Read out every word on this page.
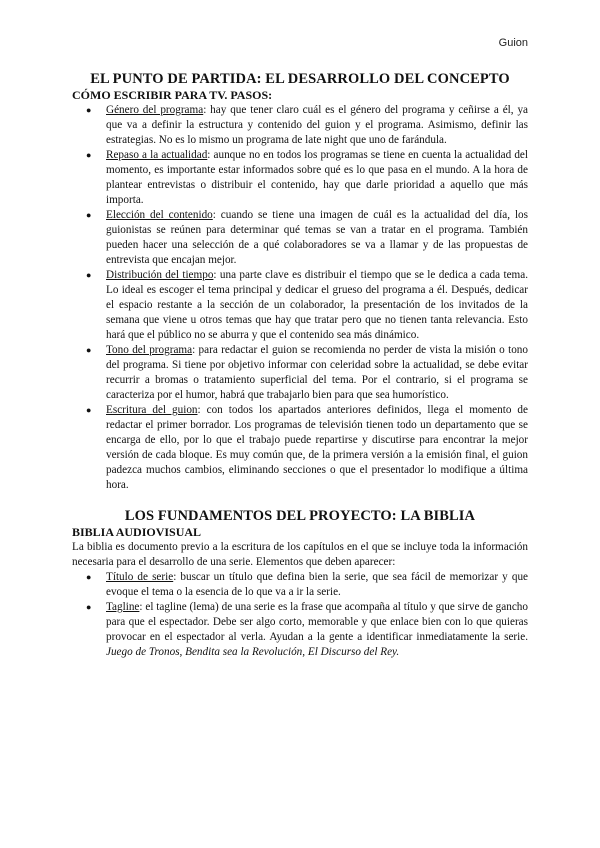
Guion
EL PUNTO DE PARTIDA: EL DESARROLLO DEL CONCEPTO
CÓMO ESCRIBIR PARA TV. PASOS:
● Género del programa: hay que tener claro cuál es el género del programa y ceñirse a él, ya que va a definir la estructura y contenido del guion y el programa. Asimismo, definir las estrategias. No es lo mismo un programa de late night que uno de farándula.
● Repaso a la actualidad: aunque no en todos los programas se tiene en cuenta la actualidad del momento, es importante estar informados sobre qué es lo que pasa en el mundo. A la hora de plantear entrevistas o distribuir el contenido, hay que darle prioridad a aquello que más importa.
● Elección del contenido: cuando se tiene una imagen de cuál es la actualidad del día, los guionistas se reúnen para determinar qué temas se van a tratar en el programa. También pueden hacer una selección de a qué colaboradores se va a llamar y de las propuestas de entrevista que encajan mejor.
● Distribución del tiempo: una parte clave es distribuir el tiempo que se le dedica a cada tema. Lo ideal es escoger el tema principal y dedicar el grueso del programa a él. Después, dedicar el espacio restante a la sección de un colaborador, la presentación de los invitados de la semana que viene u otros temas que hay que tratar pero que no tienen tanta relevancia. Esto hará que el público no se aburra y que el contenido sea más dinámico.
● Tono del programa: para redactar el guion se recomienda no perder de vista la misión o tono del programa. Si tiene por objetivo informar con celeridad sobre la actualidad, se debe evitar recurrir a bromas o tratamiento superficial del tema. Por el contrario, si el programa se caracteriza por el humor, habrá que trabajarlo bien para que sea humorístico.
● Escritura del guion: con todos los apartados anteriores definidos, llega el momento de redactar el primer borrador. Los programas de televisión tienen todo un departamento que se encarga de ello, por lo que el trabajo puede repartirse y discutirse para encontrar la mejor versión de cada bloque. Es muy común que, de la primera versión a la emisión final, el guion padezca muchos cambios, eliminando secciones o que el presentador lo modifique a última hora.
LOS FUNDAMENTOS DEL PROYECTO: LA BIBLIA
BIBLIA AUDIOVISUAL

La biblia es documento previo a la escritura de los capítulos en el que se incluye toda la información necesaria para el desarrollo de una serie. Elementos que deben aparecer:

● Título de serie: buscar un título que defina bien la serie, que sea fácil de memorizar y que evoque el tema o la esencia de lo que va a ir la serie.
● Tagline: el tagline (lema) de una serie es la frase que acompaña al título y que sirve de gancho para que el espectador. Debe ser algo corto, memorable y que enlace bien con lo que quieras provocar en el espectador al verla. Ayudan a la gente a identificar inmediatamente la serie. Juego de Tronos, Bendita sea la Revolución, El Discurso del Rey.
